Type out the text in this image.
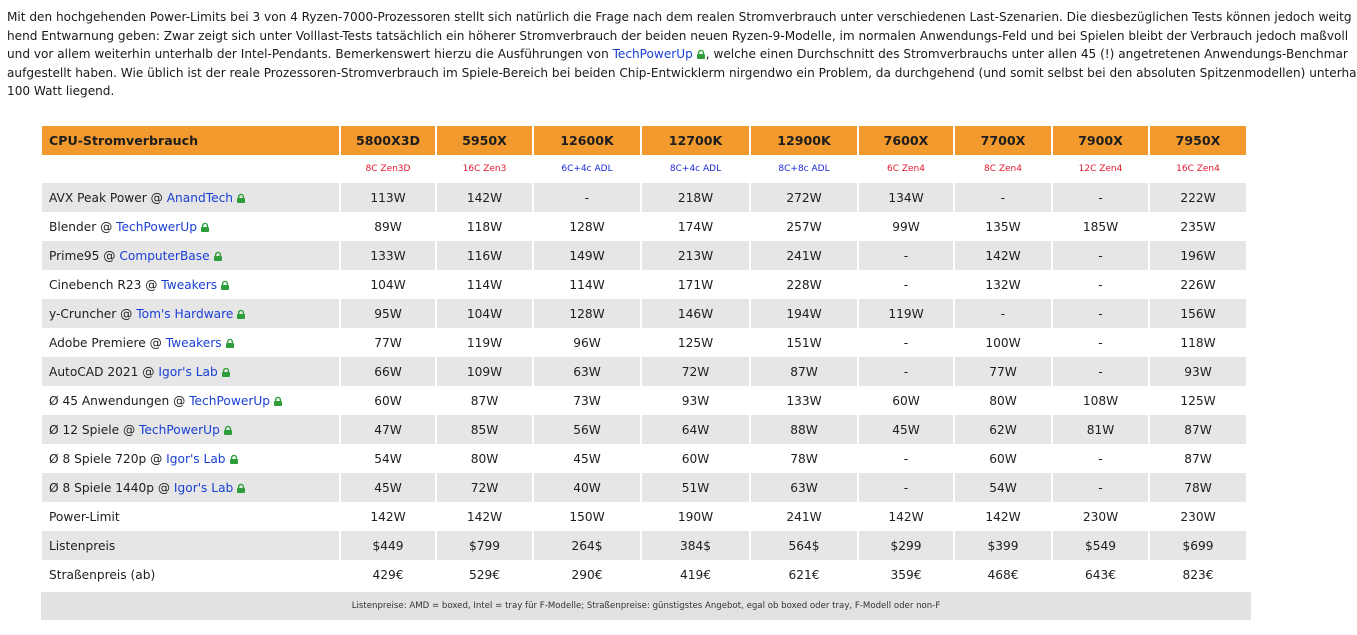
Mit den hochgehenden Power-Limits bei 3 von 4 Ryzen-7000-Prozessoren stellt sich natürlich die Frage nach dem realen Stromverbrauch unter verschiedenen Last-Szenarien. Die diesbezüglichen Tests können jedoch weitg
hend Entwarnung geben: Zwar zeigt sich unter Volllast-Tests tatsächlich ein höherer Stromverbrauch der beiden neuen Ryzen-9-Modelle, im normalen Anwendungs-Feld und bei Spielen bleibt der Verbrauch jedoch maßvoll
und vor allem weiterhin unterhalb der Intel-Pendants. Bemerkenswert hierzu die Ausführungen von TechPowerUp , welche einen Durchschnitt des Stromverbrauchs unter allen 45 (!) angetretenen Anwendungs-Benchmar
aufgestellt haben. Wie üblich ist der reale Prozessoren-Stromverbrauch im Spiele-Bereich bei beiden Chip-Entwicklerm nirgendwo ein Problem, da durchgehend (und somit selbst bei den absoluten Spitzenmodellen) unterha
100 Watt liegend.
CPU-Stromverbrauch	5800X3D	5950X	12600K	12700K	12900K	7600X	7700X	7900X	7950X
	8C Zen3D	16C Zen3	6C+4c ADL	8C+4c ADL	8C+8c ADL	6C Zen4	8C Zen4	12C Zen4	16C Zen4
AVX Peak Power @ AnandTech	113W	142W	-	218W	272W	134W	-	-	222W
Blender @ TechPowerUp	89W	118W	128W	174W	257W	99W	135W	185W	235W
Prime95 @ ComputerBase	133W	116W	149W	213W	241W	-	142W	-	196W
Cinebench R23 @ Tweakers	104W	114W	114W	171W	228W	-	132W	-	226W
y-Cruncher @ Tom's Hardware	95W	104W	128W	146W	194W	119W	-	-	156W
Adobe Premiere @ Tweakers	77W	119W	96W	125W	151W	-	100W	-	118W
AutoCAD 2021 @ Igor's Lab	66W	109W	63W	72W	87W	-	77W	-	93W
Ø 45 Anwendungen @ TechPowerUp	60W	87W	73W	93W	133W	60W	80W	108W	125W
Ø 12 Spiele @ TechPowerUp	47W	85W	56W	64W	88W	45W	62W	81W	87W
Ø 8 Spiele 720p @ Igor's Lab	54W	80W	45W	60W	78W	-	60W	-	87W
Ø 8 Spiele 1440p @ Igor's Lab	45W	72W	40W	51W	63W	-	54W	-	78W
Power-Limit	142W	142W	150W	190W	241W	142W	142W	230W	230W
Listenpreis	$449	$799	264$	384$	564$	$299	$399	$549	$699
Straßenpreis (ab)	429€	529€	290€	419€	621€	359€	468€	643€	823€
Listenpreise: AMD = boxed, Intel = tray für F-Modelle; Straßenpreise: günstigstes Angebot, egal ob boxed oder tray, F-Modell oder non-F
